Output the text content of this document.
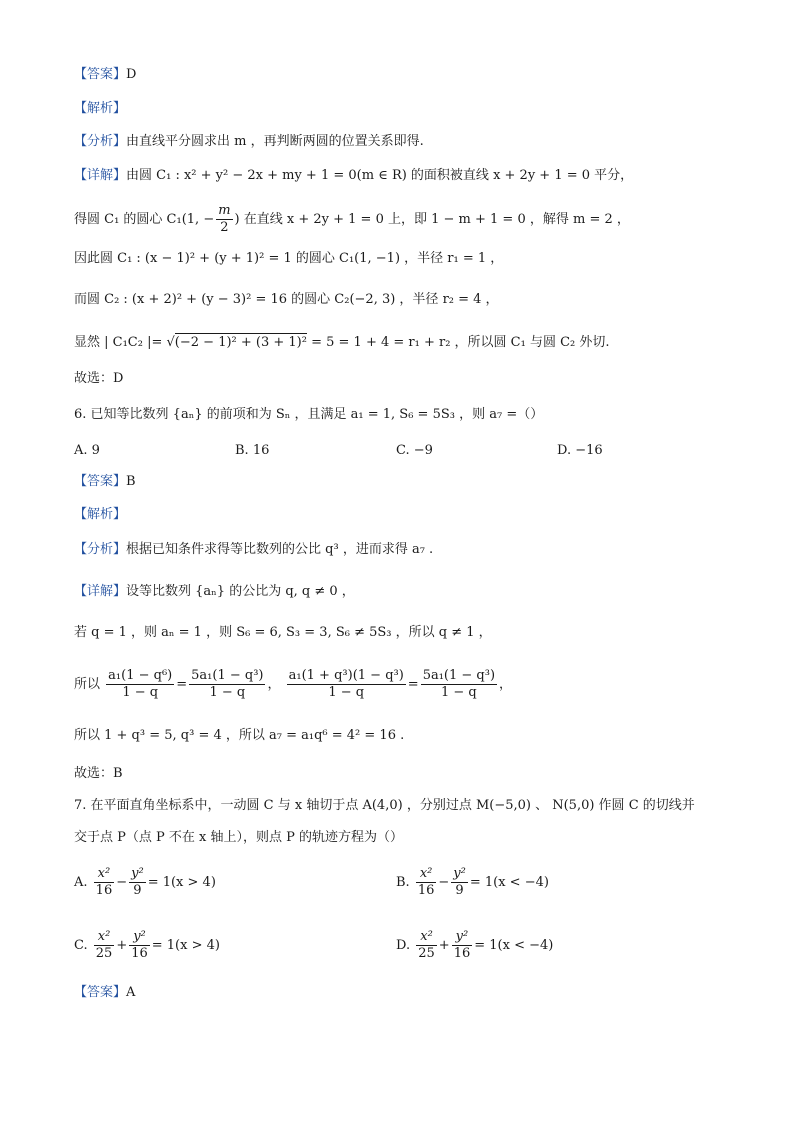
【答案】D
【解析】
【分析】由直线平分圆求出 m ，再判断两圆的位置关系即得.
【详解】由圆 C₁ : x² + y² − 2x + my + 1 = 0(m ∈ R) 的面积被直线 x + 2y + 1 = 0 平分，
得圆 C₁ 的圆心 C₁(1, − $\frac{m}{2}$ ) 在直线 x + 2y + 1 = 0 上，即 1 − m + 1 = 0 ，解得 m = 2 ，
因此圆 C₁ : (x − 1)² + (y + 1)² = 1 的圆心 C₁(1, −1) ，半径 r₁ = 1 ，
而圆 C₂ : (x + 2)² + (y − 3)² = 16 的圆心 C₂(−2, 3) ，半径 r₂ = 4 ，
显然 | C₁C₂ |= √(−2 − 1)² + (3 + 1)² = 5 = 1 + 4 = r₁ + r₂ ，所以圆 C₁ 与圆 C₂ 外切.
故选：D
6. 已知等比数列 {aₙ} 的前项和为 Sₙ ，且满足 a₁ = 1, S₆ = 5S₃ ，则 a₇ =（）
A. 9	B. 16	C. −9	D. −16
【答案】B
【解析】
【分析】根据已知条件求得等比数列的公比 q³ ，进而求得 a₇ .
【详解】设等比数列 {aₙ} 的公比为 q, q ≠ 0 ，
若 q = 1 ，则 aₙ = 1 ，则 S₆ = 6, S₃ = 3, S₆ ≠ 5S₃ ，所以 q ≠ 1 ，
所以 $\frac{\text{a₁(1 − q⁶)}}{1 - q} = \frac{\text{5a₁(1 − q³)}}{1 - q}$ ， $\frac{\text{a₁(1 + q³)(1 − q³)}}{1 - q} = \frac{\text{5a₁(1 − q³)}}{1 - q}$ ，
所以 1 + q³ = 5, q³ = 4 ，所以 a₇ = a₁q⁶ = 4² = 16 .
故选：B
7. 在平面直角坐标系中，一动圆 C 与 x 轴切于点 A(4,0) ，分别过点 M(−5,0) 、 N(5,0) 作圆 C 的切线并
交于点 P（点 P 不在 x 轴上），则点 P 的轨迹方程为（）
A. $\frac{\text{x²}}{16} - \frac{\text{y²}}{9} = 1(x > 4)$	B. $\frac{\text{x²}}{16} - \frac{\text{y²}}{9} = 1(x < -4)$
C. $\frac{\text{x²}}{25} + \frac{\text{y²}}{16} = 1(x > 4)$	D. $\frac{\text{x²}}{25} + \frac{\text{y²}}{16} = 1(x < -4)$
【答案】A
